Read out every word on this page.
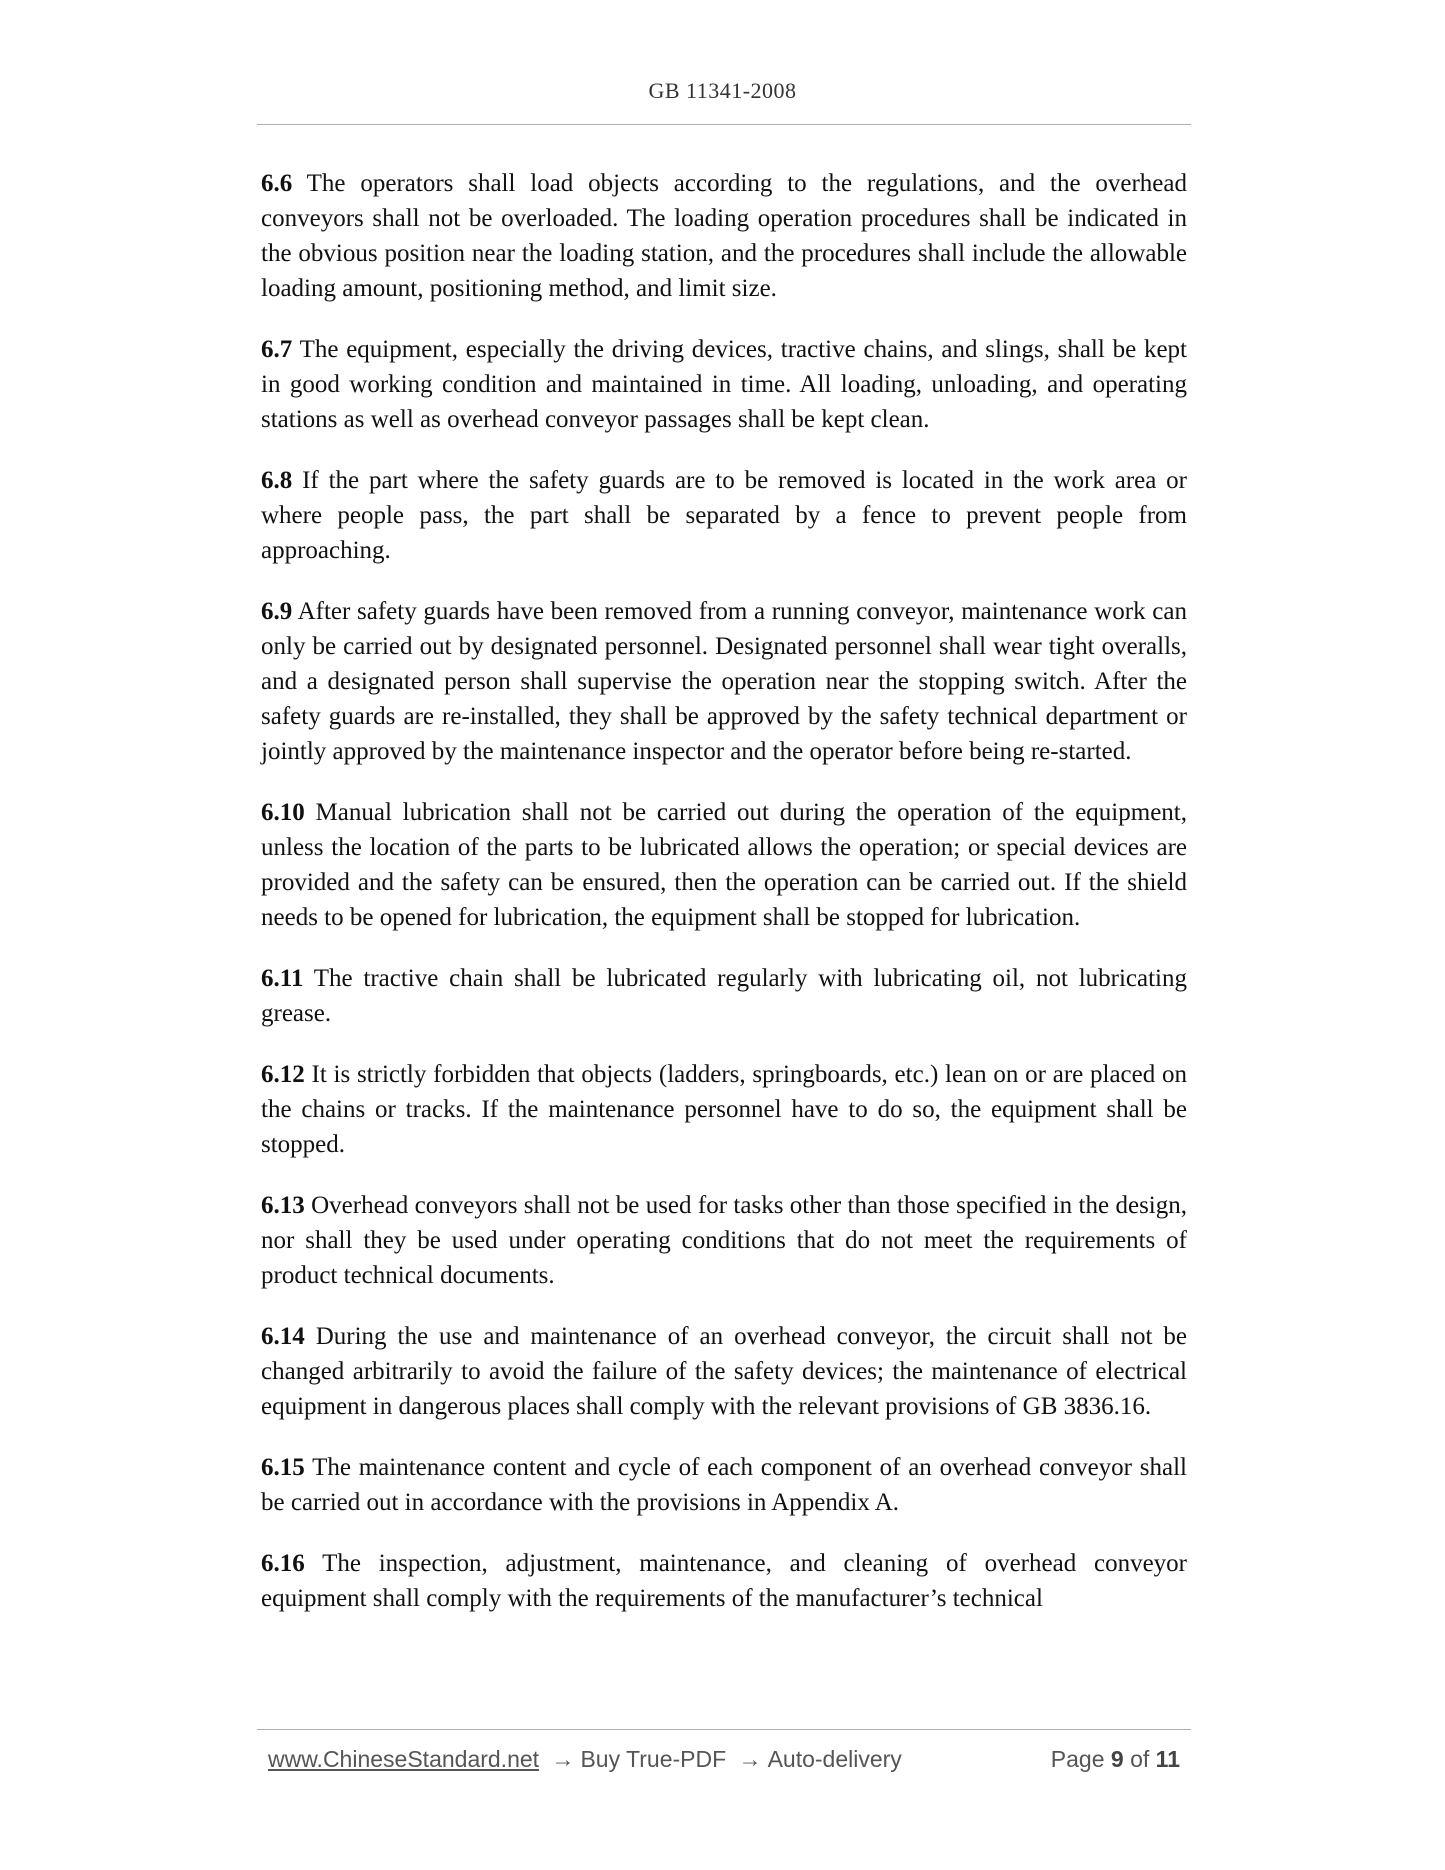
GB 11341-2008

6.6 The operators shall load objects according to the regulations, and the overhead conveyors shall not be overloaded. The loading operation procedures shall be indicated in the obvious position near the loading station, and the procedures shall include the allowable loading amount, positioning method, and limit size.

6.7 The equipment, especially the driving devices, tractive chains, and slings, shall be kept in good working condition and maintained in time. All loading, unloading, and operating stations as well as overhead conveyor passages shall be kept clean.

6.8 If the part where the safety guards are to be removed is located in the work area or where people pass, the part shall be separated by a fence to prevent people from approaching.

6.9 After safety guards have been removed from a running conveyor, maintenance work can only be carried out by designated personnel. Designated personnel shall wear tight overalls, and a designated person shall supervise the operation near the stopping switch. After the safety guards are re-installed, they shall be approved by the safety technical department or jointly approved by the maintenance inspector and the operator before being re-started.

6.10 Manual lubrication shall not be carried out during the operation of the equipment, unless the location of the parts to be lubricated allows the operation; or special devices are provided and the safety can be ensured, then the operation can be carried out. If the shield needs to be opened for lubrication, the equipment shall be stopped for lubrication.

6.11 The tractive chain shall be lubricated regularly with lubricating oil, not lubricating grease.

6.12 It is strictly forbidden that objects (ladders, springboards, etc.) lean on or are placed on the chains or tracks. If the maintenance personnel have to do so, the equipment shall be stopped.

6.13 Overhead conveyors shall not be used for tasks other than those specified in the design, nor shall they be used under operating conditions that do not meet the requirements of product technical documents.

6.14 During the use and maintenance of an overhead conveyor, the circuit shall not be changed arbitrarily to avoid the failure of the safety devices; the maintenance of electrical equipment in dangerous places shall comply with the relevant provisions of GB 3836.16.

6.15 The maintenance content and cycle of each component of an overhead conveyor shall be carried out in accordance with the provisions in Appendix A.

6.16 The inspection, adjustment, maintenance, and cleaning of overhead conveyor equipment shall comply with the requirements of the manufacturer’s technical

www.ChineseStandard.net → Buy True-PDF → Auto-delivery	Page 9 of 11
